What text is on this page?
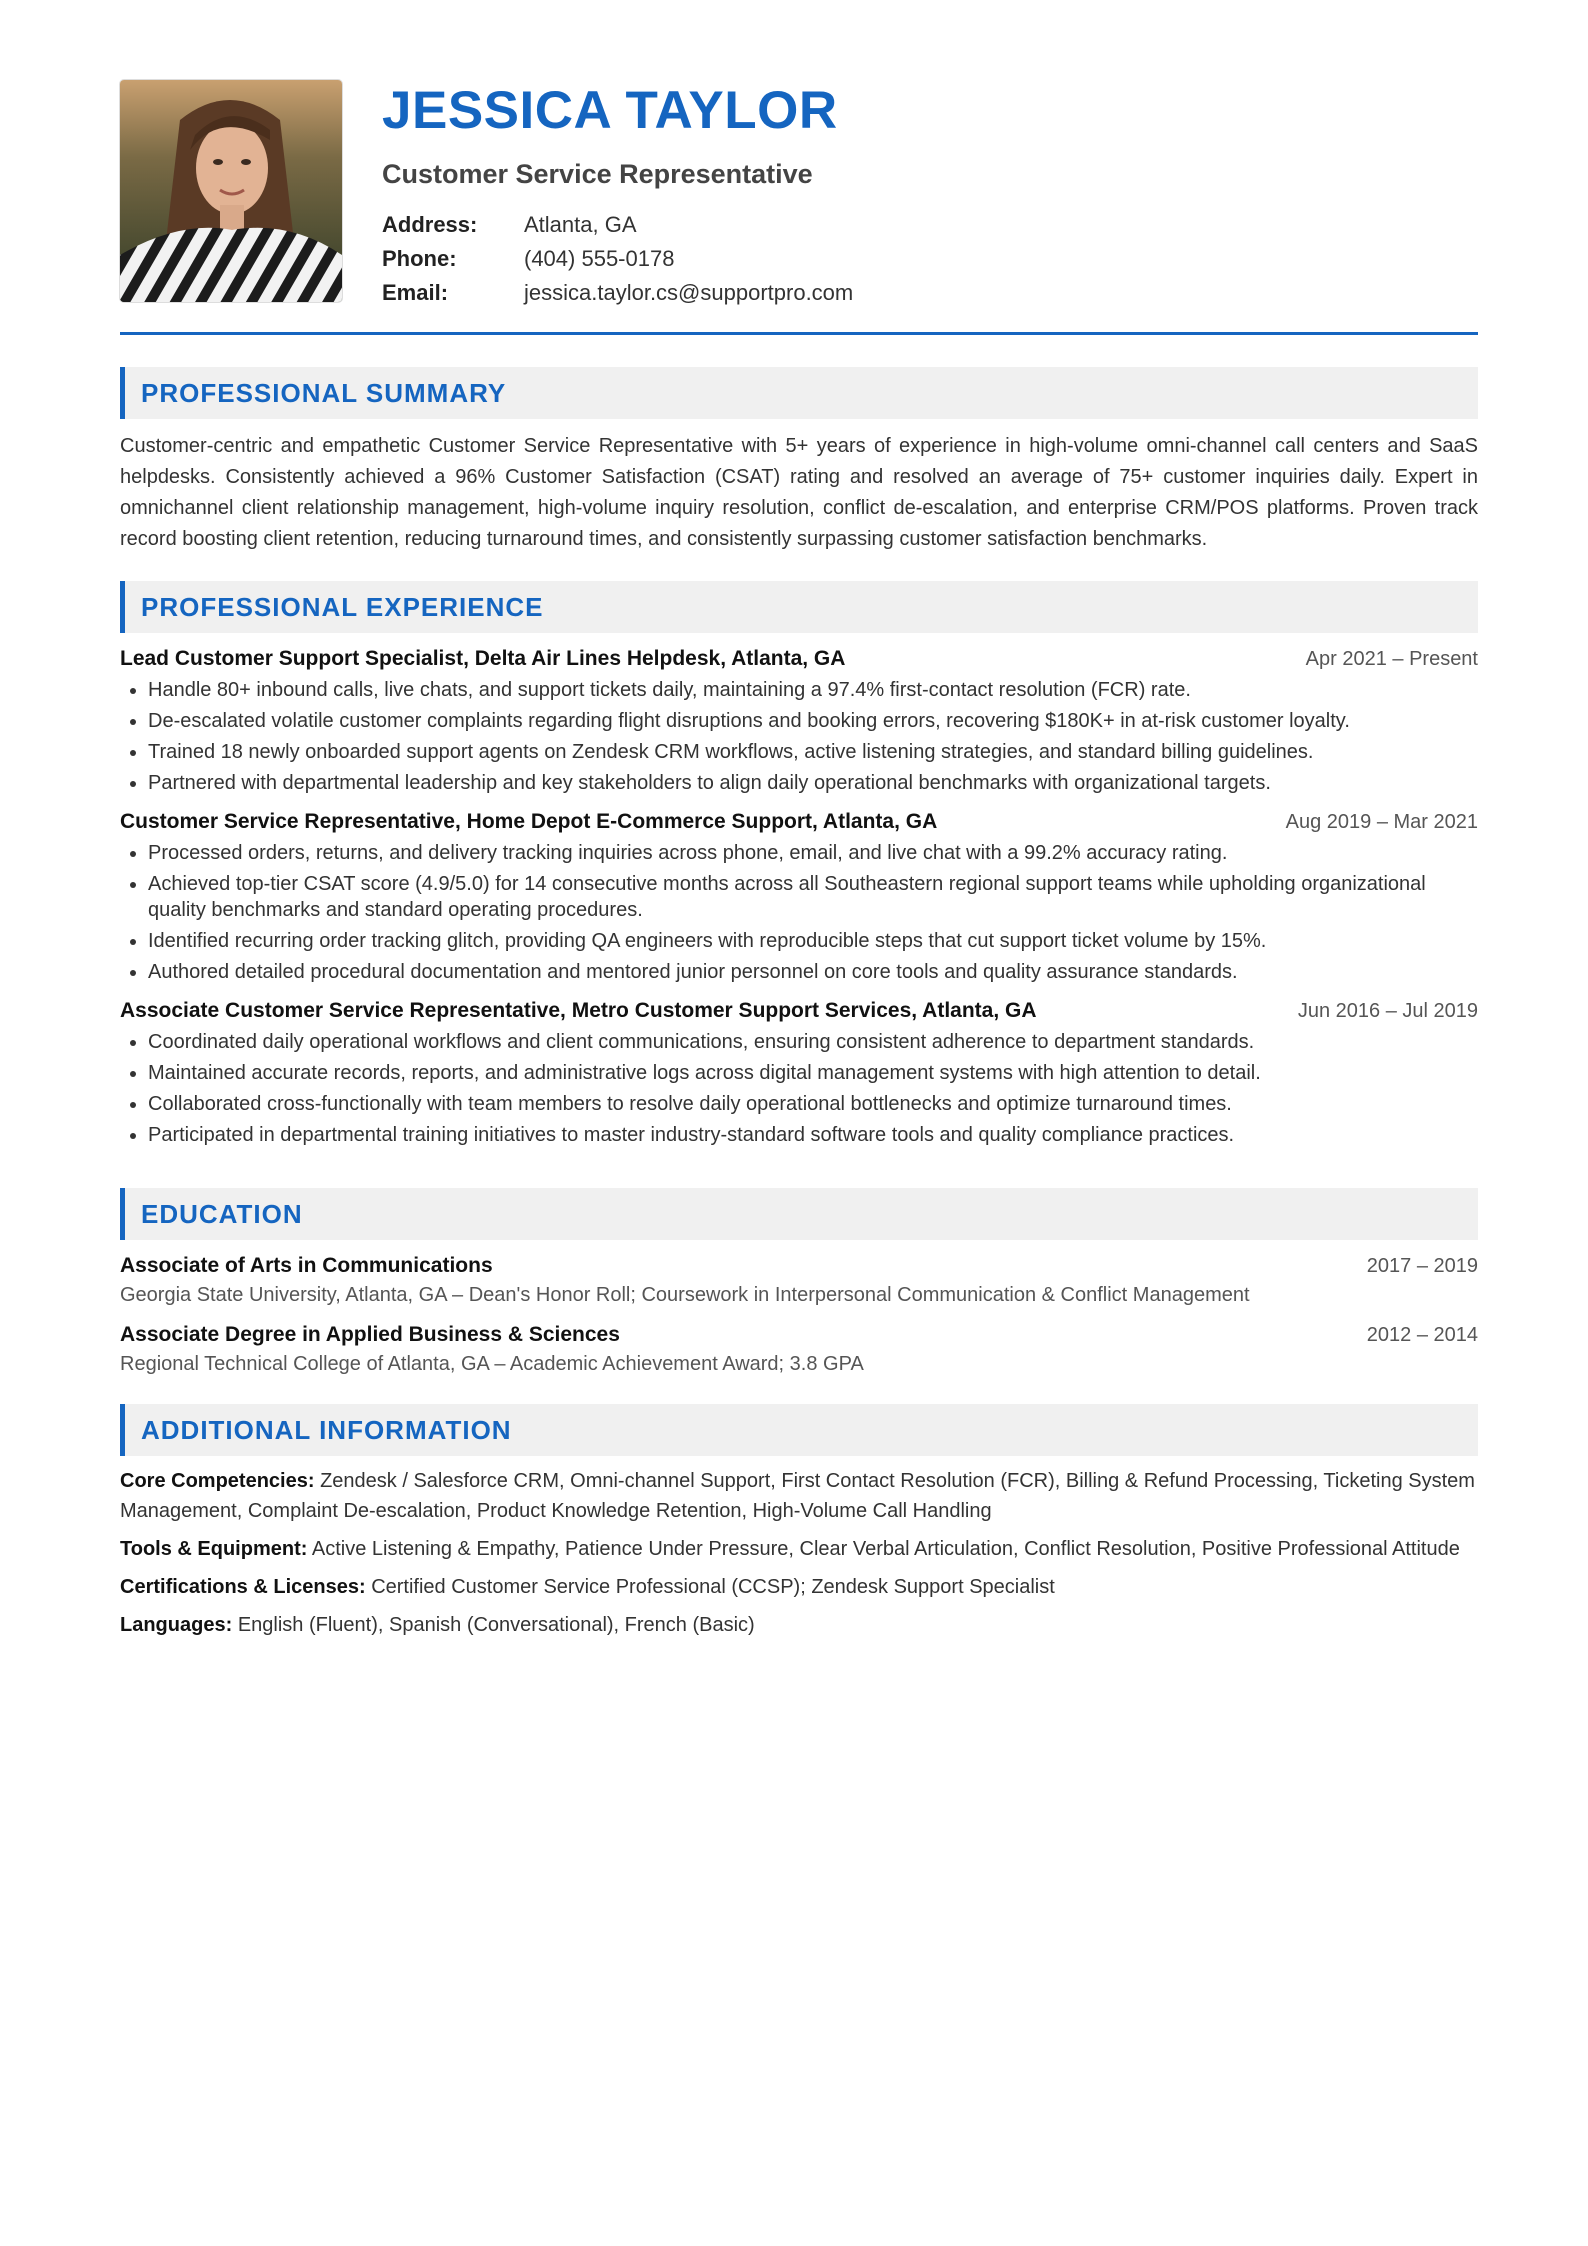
JESSICA TAYLOR
Customer Service Representative
Address:	Atlanta, GA
Phone:	(404) 555-0178
Email:	jessica.taylor.cs@supportpro.com
PROFESSIONAL SUMMARY
Customer-centric and empathetic Customer Service Representative with 5+ years of experience in high-volume omni-channel call centers and SaaS helpdesks. Consistently achieved a 96% Customer Satisfaction (CSAT) rating and resolved an average of 75+ customer inquiries daily. Expert in omnichannel client relationship management, high-volume inquiry resolution, conflict de-escalation, and enterprise CRM/POS platforms. Proven track record boosting client retention, reducing turnaround times, and consistently surpassing customer satisfaction benchmarks.
PROFESSIONAL EXPERIENCE
Lead Customer Support Specialist, Delta Air Lines Helpdesk, Atlanta, GA	Apr 2021 – Present
• Handle 80+ inbound calls, live chats, and support tickets daily, maintaining a 97.4% first-contact resolution (FCR) rate.
• De-escalated volatile customer complaints regarding flight disruptions and booking errors, recovering $180K+ in at-risk customer loyalty.
• Trained 18 newly onboarded support agents on Zendesk CRM workflows, active listening strategies, and standard billing guidelines.
• Partnered with departmental leadership and key stakeholders to align daily operational benchmarks with organizational targets.
Customer Service Representative, Home Depot E-Commerce Support, Atlanta, GA	Aug 2019 – Mar 2021
• Processed orders, returns, and delivery tracking inquiries across phone, email, and live chat with a 99.2% accuracy rating.
• Achieved top-tier CSAT score (4.9/5.0) for 14 consecutive months across all Southeastern regional support teams while upholding organizational quality benchmarks and standard operating procedures.
• Identified recurring order tracking glitch, providing QA engineers with reproducible steps that cut support ticket volume by 15%.
• Authored detailed procedural documentation and mentored junior personnel on core tools and quality assurance standards.
Associate Customer Service Representative, Metro Customer Support Services, Atlanta, GA	Jun 2016 – Jul 2019
• Coordinated daily operational workflows and client communications, ensuring consistent adherence to department standards.
• Maintained accurate records, reports, and administrative logs across digital management systems with high attention to detail.
• Collaborated cross-functionally with team members to resolve daily operational bottlenecks and optimize turnaround times.
• Participated in departmental training initiatives to master industry-standard software tools and quality compliance practices.
EDUCATION
Associate of Arts in Communications	2017 – 2019
Georgia State University, Atlanta, GA – Dean's Honor Roll; Coursework in Interpersonal Communication & Conflict Management
Associate Degree in Applied Business & Sciences	2012 – 2014
Regional Technical College of Atlanta, GA – Academic Achievement Award; 3.8 GPA
ADDITIONAL INFORMATION
Core Competencies: Zendesk / Salesforce CRM, Omni-channel Support, First Contact Resolution (FCR), Billing & Refund Processing, Ticketing System Management, Complaint De-escalation, Product Knowledge Retention, High-Volume Call Handling
Tools & Equipment: Active Listening & Empathy, Patience Under Pressure, Clear Verbal Articulation, Conflict Resolution, Positive Professional Attitude
Certifications & Licenses: Certified Customer Service Professional (CCSP); Zendesk Support Specialist
Languages: English (Fluent), Spanish (Conversational), French (Basic)
